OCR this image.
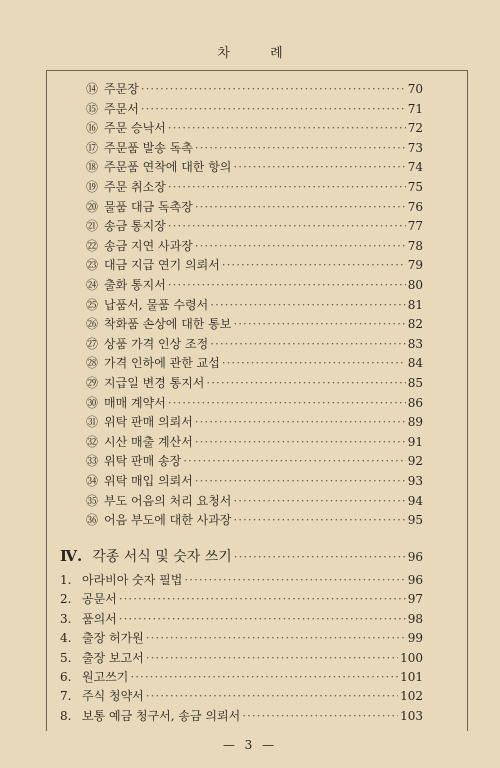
차 례
⑭ 주문장 ·····	70
⑮ 주문서 ·····	71
⑯ 주문 승낙서 ·····	72
⑰ 주문품 발송 독촉 ·····	73
⑱ 주문품 연착에 대한 항의 ·····	74
⑲ 주문 취소장 ·····	75
⑳ 물품 대금 독촉장 ·····	76
㉑ 송금 통지장 ·····	77
㉒ 송금 지연 사과장 ·····	78
㉓ 대금 지급 연기 의뢰서 ·····	79
㉔ 출화 통지서 ·····	80
㉕ 납품서, 물품 수령서 ·····	81
㉖ 착화품 손상에 대한 통보 ·····	82
㉗ 상품 가격 인상 조정 ·····	83
㉘ 가격 인하에 관한 교섭 ·····	84
㉙ 지급일 변경 통지서 ·····	85
㉚ 매매 계약서 ·····	86
㉛ 위탁 판매 의뢰서 ·····	89
㉜ 시산 매출 계산서 ·····	91
㉝ 위탁 판매 송장 ·····	92
㉞ 위탁 매입 의뢰서 ·····	93
㉟ 부도 어음의 처리 요청서 ·····	94
㊱ 어음 부도에 대한 사과장 ·····	95
Ⅳ. 각종 서식 및 숫자 쓰기 ·····	96
1. 아라비아 숫자 필법 ·····	96
2. 공문서 ·····	97
3. 품의서 ·····	98
4. 출장 허가원 ·····	99
5. 출장 보고서 ·····	100
6. 원고쓰기 ·····	101
7. 주식 청약서 ·····	102
8. 보통 예금 청구서, 송금 의뢰서 ·····	103
— 3 —
